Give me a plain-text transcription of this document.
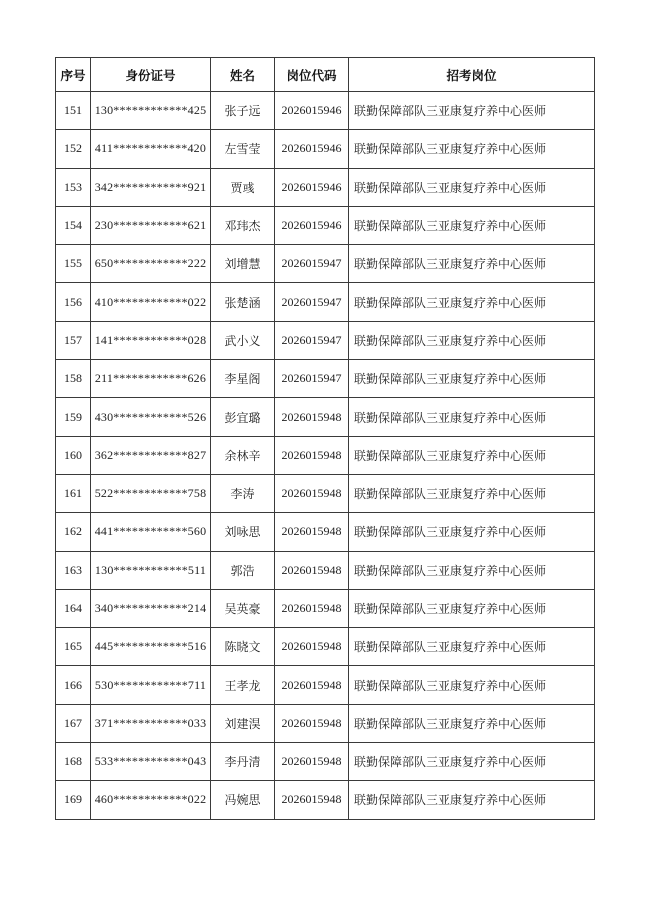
序号	身份证号	姓名	岗位代码	招考岗位
151	130************425	张子远	2026015946	联勤保障部队三亚康复疗养中心医师
152	411************420	左雪莹	2026015946	联勤保障部队三亚康复疗养中心医师
153	342************921	贾彧	2026015946	联勤保障部队三亚康复疗养中心医师
154	230************621	邓玮杰	2026015946	联勤保障部队三亚康复疗养中心医师
155	650************222	刘增慧	2026015947	联勤保障部队三亚康复疗养中心医师
156	410************022	张楚涵	2026015947	联勤保障部队三亚康复疗养中心医师
157	141************028	武小义	2026015947	联勤保障部队三亚康复疗养中心医师
158	211************626	李星阁	2026015947	联勤保障部队三亚康复疗养中心医师
159	430************526	彭宜璐	2026015948	联勤保障部队三亚康复疗养中心医师
160	362************827	余林辛	2026015948	联勤保障部队三亚康复疗养中心医师
161	522************758	李涛	2026015948	联勤保障部队三亚康复疗养中心医师
162	441************560	刘咏思	2026015948	联勤保障部队三亚康复疗养中心医师
163	130************511	郭浩	2026015948	联勤保障部队三亚康复疗养中心医师
164	340************214	吴英豪	2026015948	联勤保障部队三亚康复疗养中心医师
165	445************516	陈晓文	2026015948	联勤保障部队三亚康复疗养中心医师
166	530************711	王孝龙	2026015948	联勤保障部队三亚康复疗养中心医师
167	371************033	刘建淏	2026015948	联勤保障部队三亚康复疗养中心医师
168	533************043	李丹清	2026015948	联勤保障部队三亚康复疗养中心医师
169	460************022	冯婉思	2026015948	联勤保障部队三亚康复疗养中心医师
